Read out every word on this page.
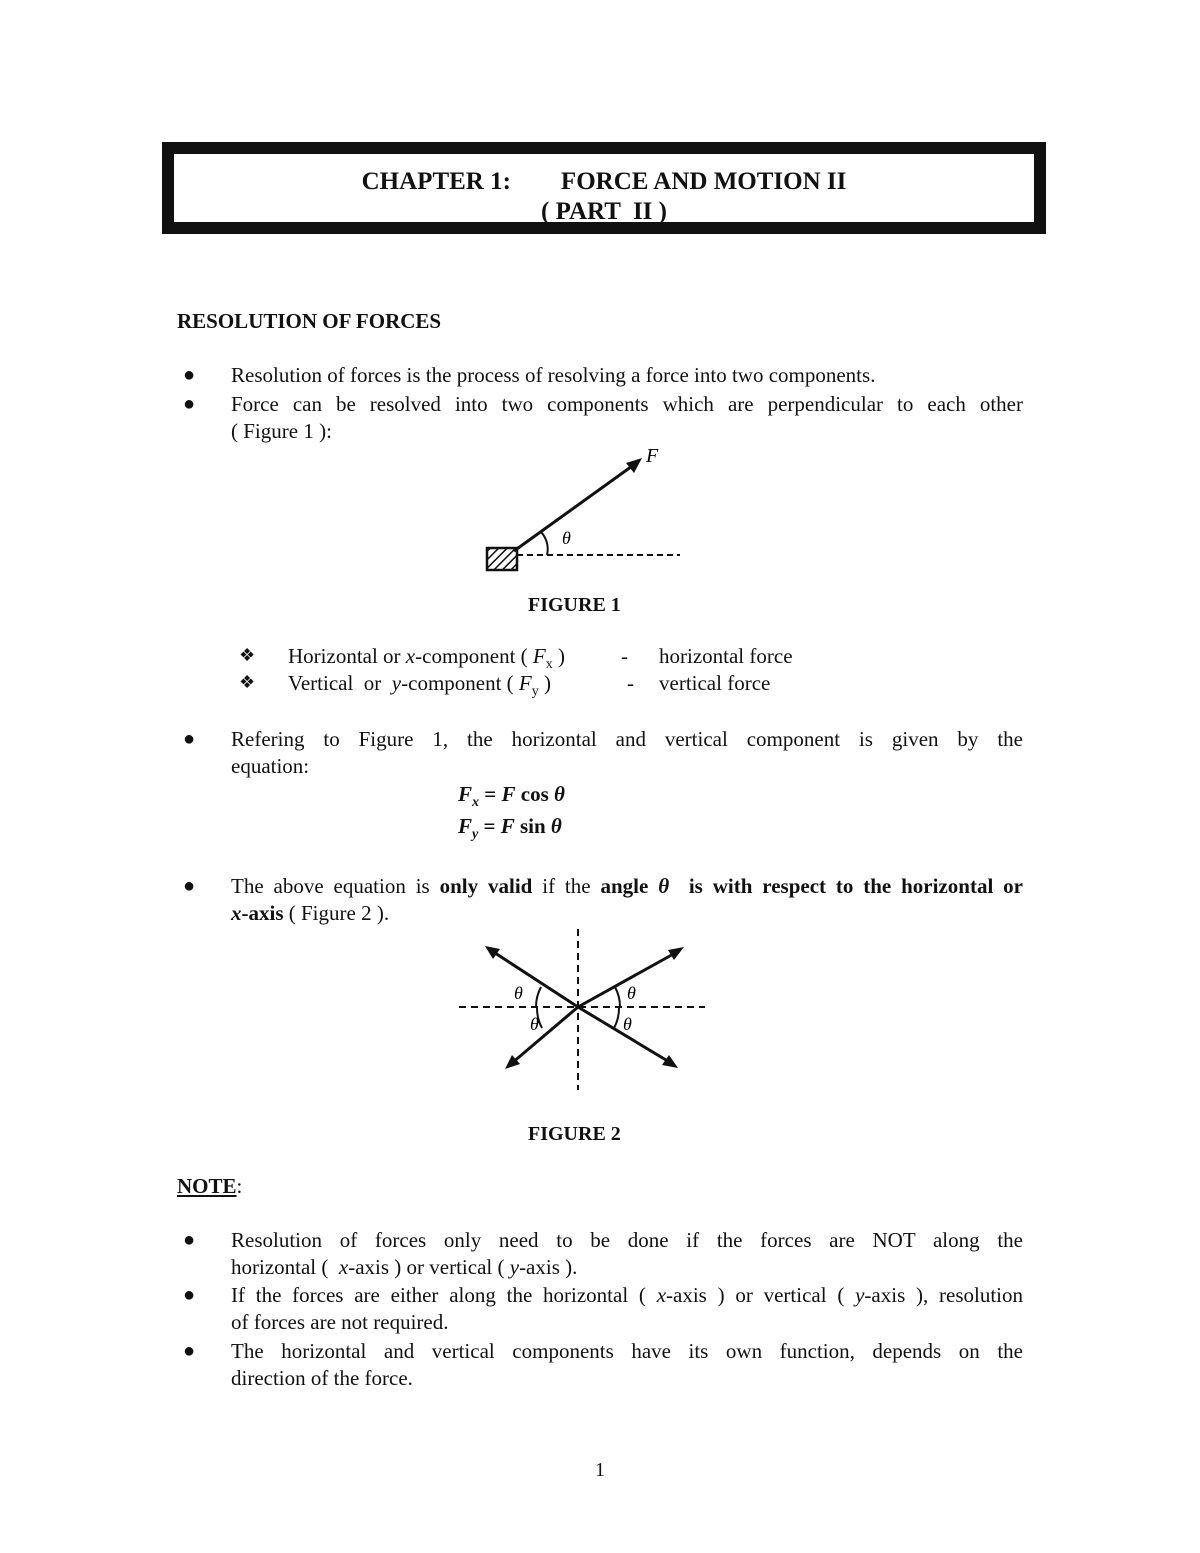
CHAPTER 1:        FORCE AND MOTION II
( PART  II )
RESOLUTION OF FORCES
● Resolution of forces is the process of resolving a force into two components.
● Force can be resolved into two components which are perpendicular to each other
( Figure 1 ):
F
θ
FIGURE 1
❖ Horizontal or x-component ( $F_x$ )	- horizontal force
❖ Vertical  or  y-component ( $F_y$ )	- vertical force
● Refering to Figure 1, the horizontal and vertical component is given by the
equation:
$F_x = F$ cos θ
$F_y = F$ sin θ
● The above equation is only valid if the angle θ  is with respect to the horizontal or
x-axis ( Figure 2 ).
θ
θ
θ	θ
FIGURE 2
NOTE:
● Resolution of forces only need to be done if the forces are NOT along the
horizontal (  x-axis ) or vertical ( y-axis ).
● If the forces are either along the horizontal ( x-axis ) or vertical ( y-axis ), resolution
of forces are not required.
● The horizontal and vertical components have its own function, depends on the
direction of the force.
1
